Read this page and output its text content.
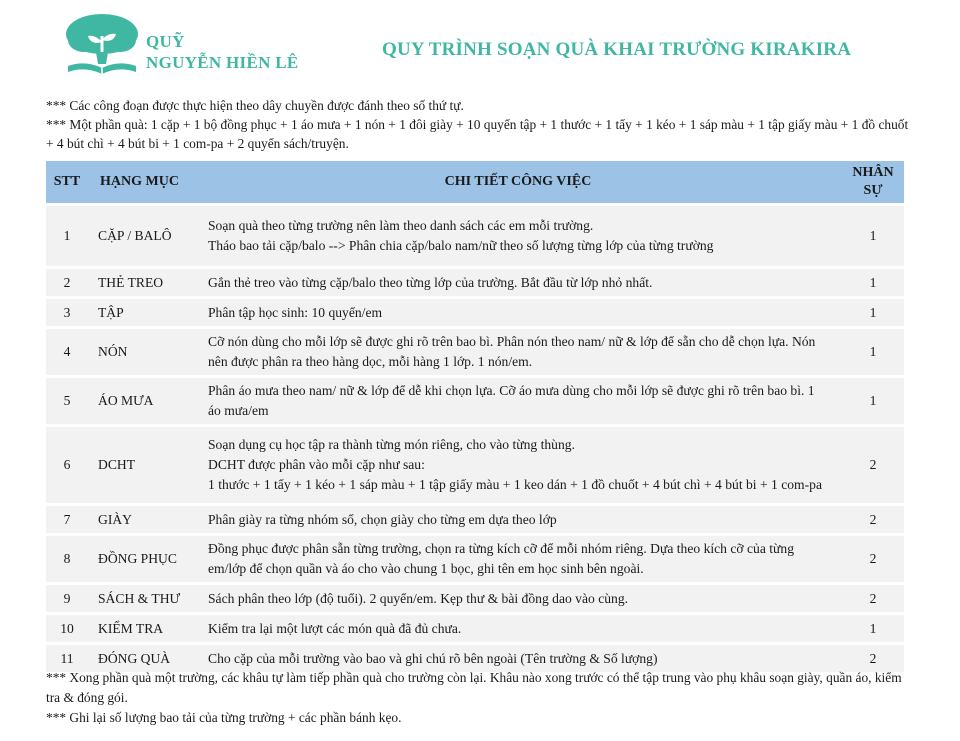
QUỸ
NGUYỄN HIỀN LÊ
QUY TRÌNH SOẠN QUÀ KHAI TRƯỜNG KIRAKIRA

*** Các công đoạn được thực hiện theo dây chuyền được đánh theo số thứ tự.

*** Một phần quà: 1 cặp + 1 bộ đồng phục + 1 áo mưa + 1 nón + 1 đôi giày + 10 quyển tập + 1 thước + 1 tẩy + 1 kéo + 1 sáp màu + 1 tập giấy màu + 1 đồ chuốt + 4 bút chì + 4 bút bi + 1 com-pa + 2 quyển sách/truyện.

STT	HẠNG MỤC	CHI TIẾT CÔNG VIỆC	NHÂN
SỰ

1	CẶP / BALÔ	Soạn quà theo từng trường nên làm theo danh sách các em mỗi trường.
Tháo bao tải cặp/balo --> Phân chia cặp/balo nam/nữ theo số lượng từng lớp của từng trường	1
2	THẺ TREO	Gắn thẻ treo vào từng cặp/balo theo từng lớp của trường. Bắt đầu từ lớp nhỏ nhất.	1
3	TẬP	Phân tập học sinh: 10 quyển/em	1
4	NÓN	Cỡ nón dùng cho mỗi lớp sẽ được ghi rõ trên bao bì. Phân nón theo nam/ nữ & lớp để sẵn cho dễ chọn lựa. Nón nên được phân ra theo hàng dọc, mỗi hàng 1 lớp. 1 nón/em.	1
5	ÁO MƯA	Phân áo mưa theo nam/ nữ & lớp để dễ khi chọn lựa. Cỡ áo mưa dùng cho mỗi lớp sẽ được ghi rõ trên bao bì. 1 áo mưa/em	1
6	DCHT	Soạn dụng cụ học tập ra thành từng món riêng, cho vào từng thùng.
DCHT được phân vào mỗi cặp như sau:
1 thước + 1 tẩy + 1 kéo + 1 sáp màu + 1 tập giấy màu + 1 keo dán + 1 đồ chuốt + 4 bút chì + 4 bút bi + 1 com-pa	2
7	GIÀY	Phân giày ra từng nhóm số, chọn giày cho từng em dựa theo lớp	2
8	ĐỒNG PHỤC	Đồng phục được phân sẵn từng trường, chọn ra từng kích cỡ để mỗi nhóm riêng. Dựa theo kích cỡ của từng em/lớp để chọn quần và áo cho vào chung 1 bọc, ghi tên em học sinh bên ngoài.	2
9	SÁCH & THƯ	Sách phân theo lớp (độ tuổi). 2 quyển/em. Kẹp thư & bài đồng dao vào cùng.	2
10	KIỂM TRA	Kiểm tra lại một lượt các món quà đã đủ chưa.	1
11	ĐÓNG QUÀ	Cho cặp của mỗi trường vào bao và ghi chú rõ bên ngoài (Tên trường & Số lượng)	2

*** Xong phần quà một trường, các khâu tự làm tiếp phần quà cho trường còn lại. Khâu nào xong trước có thể tập trung vào phụ khâu soạn giày, quần áo, kiểm tra & đóng gói.

*** Ghi lại số lượng bao tải của từng trường + các phần bánh kẹo.
